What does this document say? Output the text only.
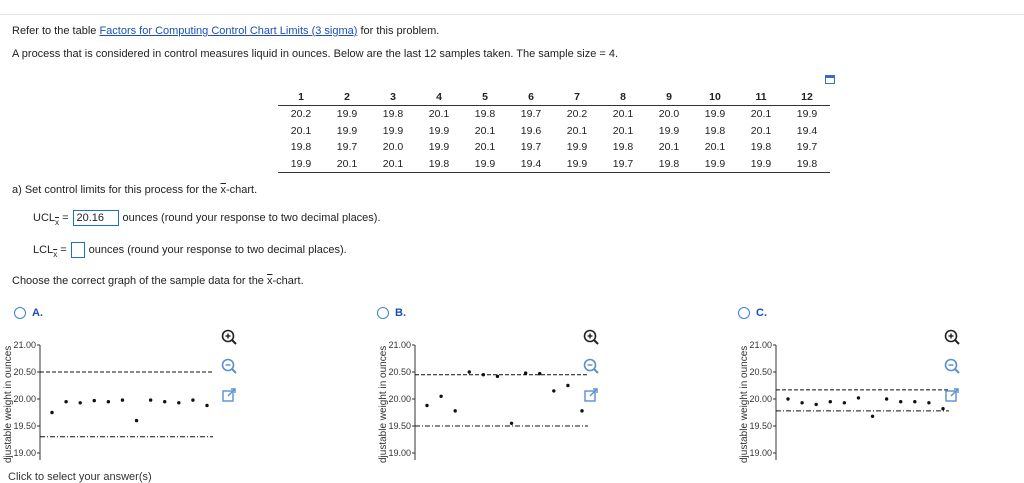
Refer to the table Factors for Computing Control Chart Limits (3 sigma) for this problem.
A process that is considered in control measures liquid in ounces. Below are the last 12 samples taken. The sample size = 4.
1	2	3	4	5	6	7	8	9	10	11	12
20.2	19.9	19.8	20.1	19.8	19.7	20.2	20.1	20.0	19.9	20.1	19.9
20.1	19.9	19.9	19.9	20.1	19.6	20.1	20.1	19.9	19.8	20.1	19.4
19.8	19.7	20.0	19.9	20.1	19.7	19.9	19.8	20.1	20.1	19.8	19.7
19.9	20.1	20.1	19.8	19.9	19.4	19.9	19.7	19.8	19.9	19.9	19.8
a) Set control limits for this process for the $\overline{x}$-chart.
$UCL_{\overline{x}} = 20.16$	ounces (round your response to two decimal places).
$LCL_{\overline{x}}$ = ounces (round your response to two decimal places).
Choose the correct graph of the sample data for the $\overline{x}$-chart.
A.	B.	C.
djustable weight in ounces	djustable weight in ounces	djustable weight in ounces
21.00
20.50
20.00
19.50
19.00
21.00
20.50
20.00
19.50
19.00
21.00
20.50
20.00
19.50
19.00

Click to select your answer(s)
